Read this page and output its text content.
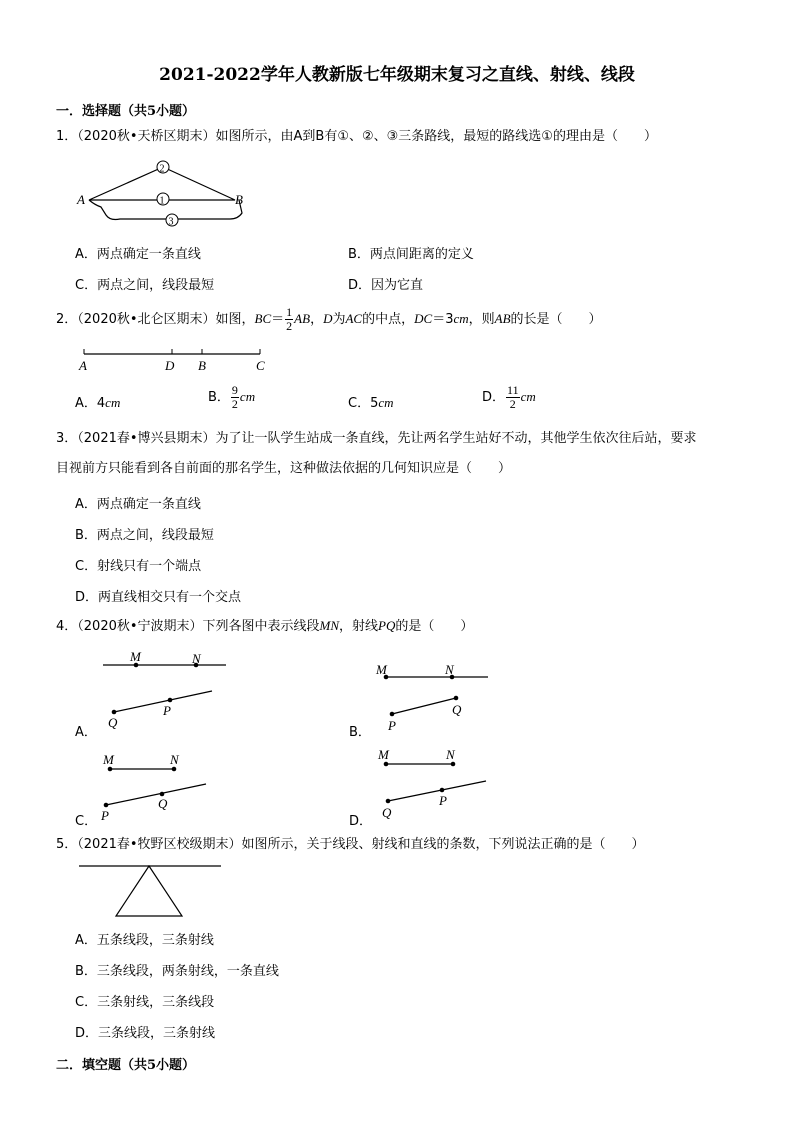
2021-2022学年人教新版七年级期末复习之直线、射线、线段
一．选择题（共5小题）
1．（2020秋•天桥区期末）如图所示，由A到B有①、②、③三条路线，最短的路线选①的理由是（　　）
2
1
3
A	B
A．两点确定一条直线	B．两点间距离的定义
C．两点之间，线段最短	D．因为它直
2．（2020秋•北仑区期末）如图，$BC= \frac{1}{2}$ AB，D为AC的中点，DC＝3cm，则AB的长是（　　）
A	D B	C
A．4cm	B． $\frac{9}{2}$ cm	C．5cm	D． $\frac{11}{2}$ cm
3．（2021春•博兴县期末）为了让一队学生站成一条直线，先让两名学生站好不动，其他学生依次往后站，要求
目视前方只能看到各自前面的那名学生，这种做法依据的几何知识应是（　　）
A．两点确定一条直线
B．两点之间，线段最短
C．射线只有一个端点
D．两直线相交只有一个交点
4．（2020秋•宁波期末）下列各图中表示线段MN，射线PQ的是（　　）
M	N
Q
P
A．
M	N
P
Q
B．
M	N
P
Q
C．
M	N
Q
P
D．
5．（2021春•牧野区校级期末）如图所示，关于线段、射线和直线的条数，下列说法正确的是（　　）
A．五条线段，三条射线
B．三条线段，两条射线，一条直线
C．三条射线，三条线段
D．三条线段，三条射线
二．填空题（共5小题）
